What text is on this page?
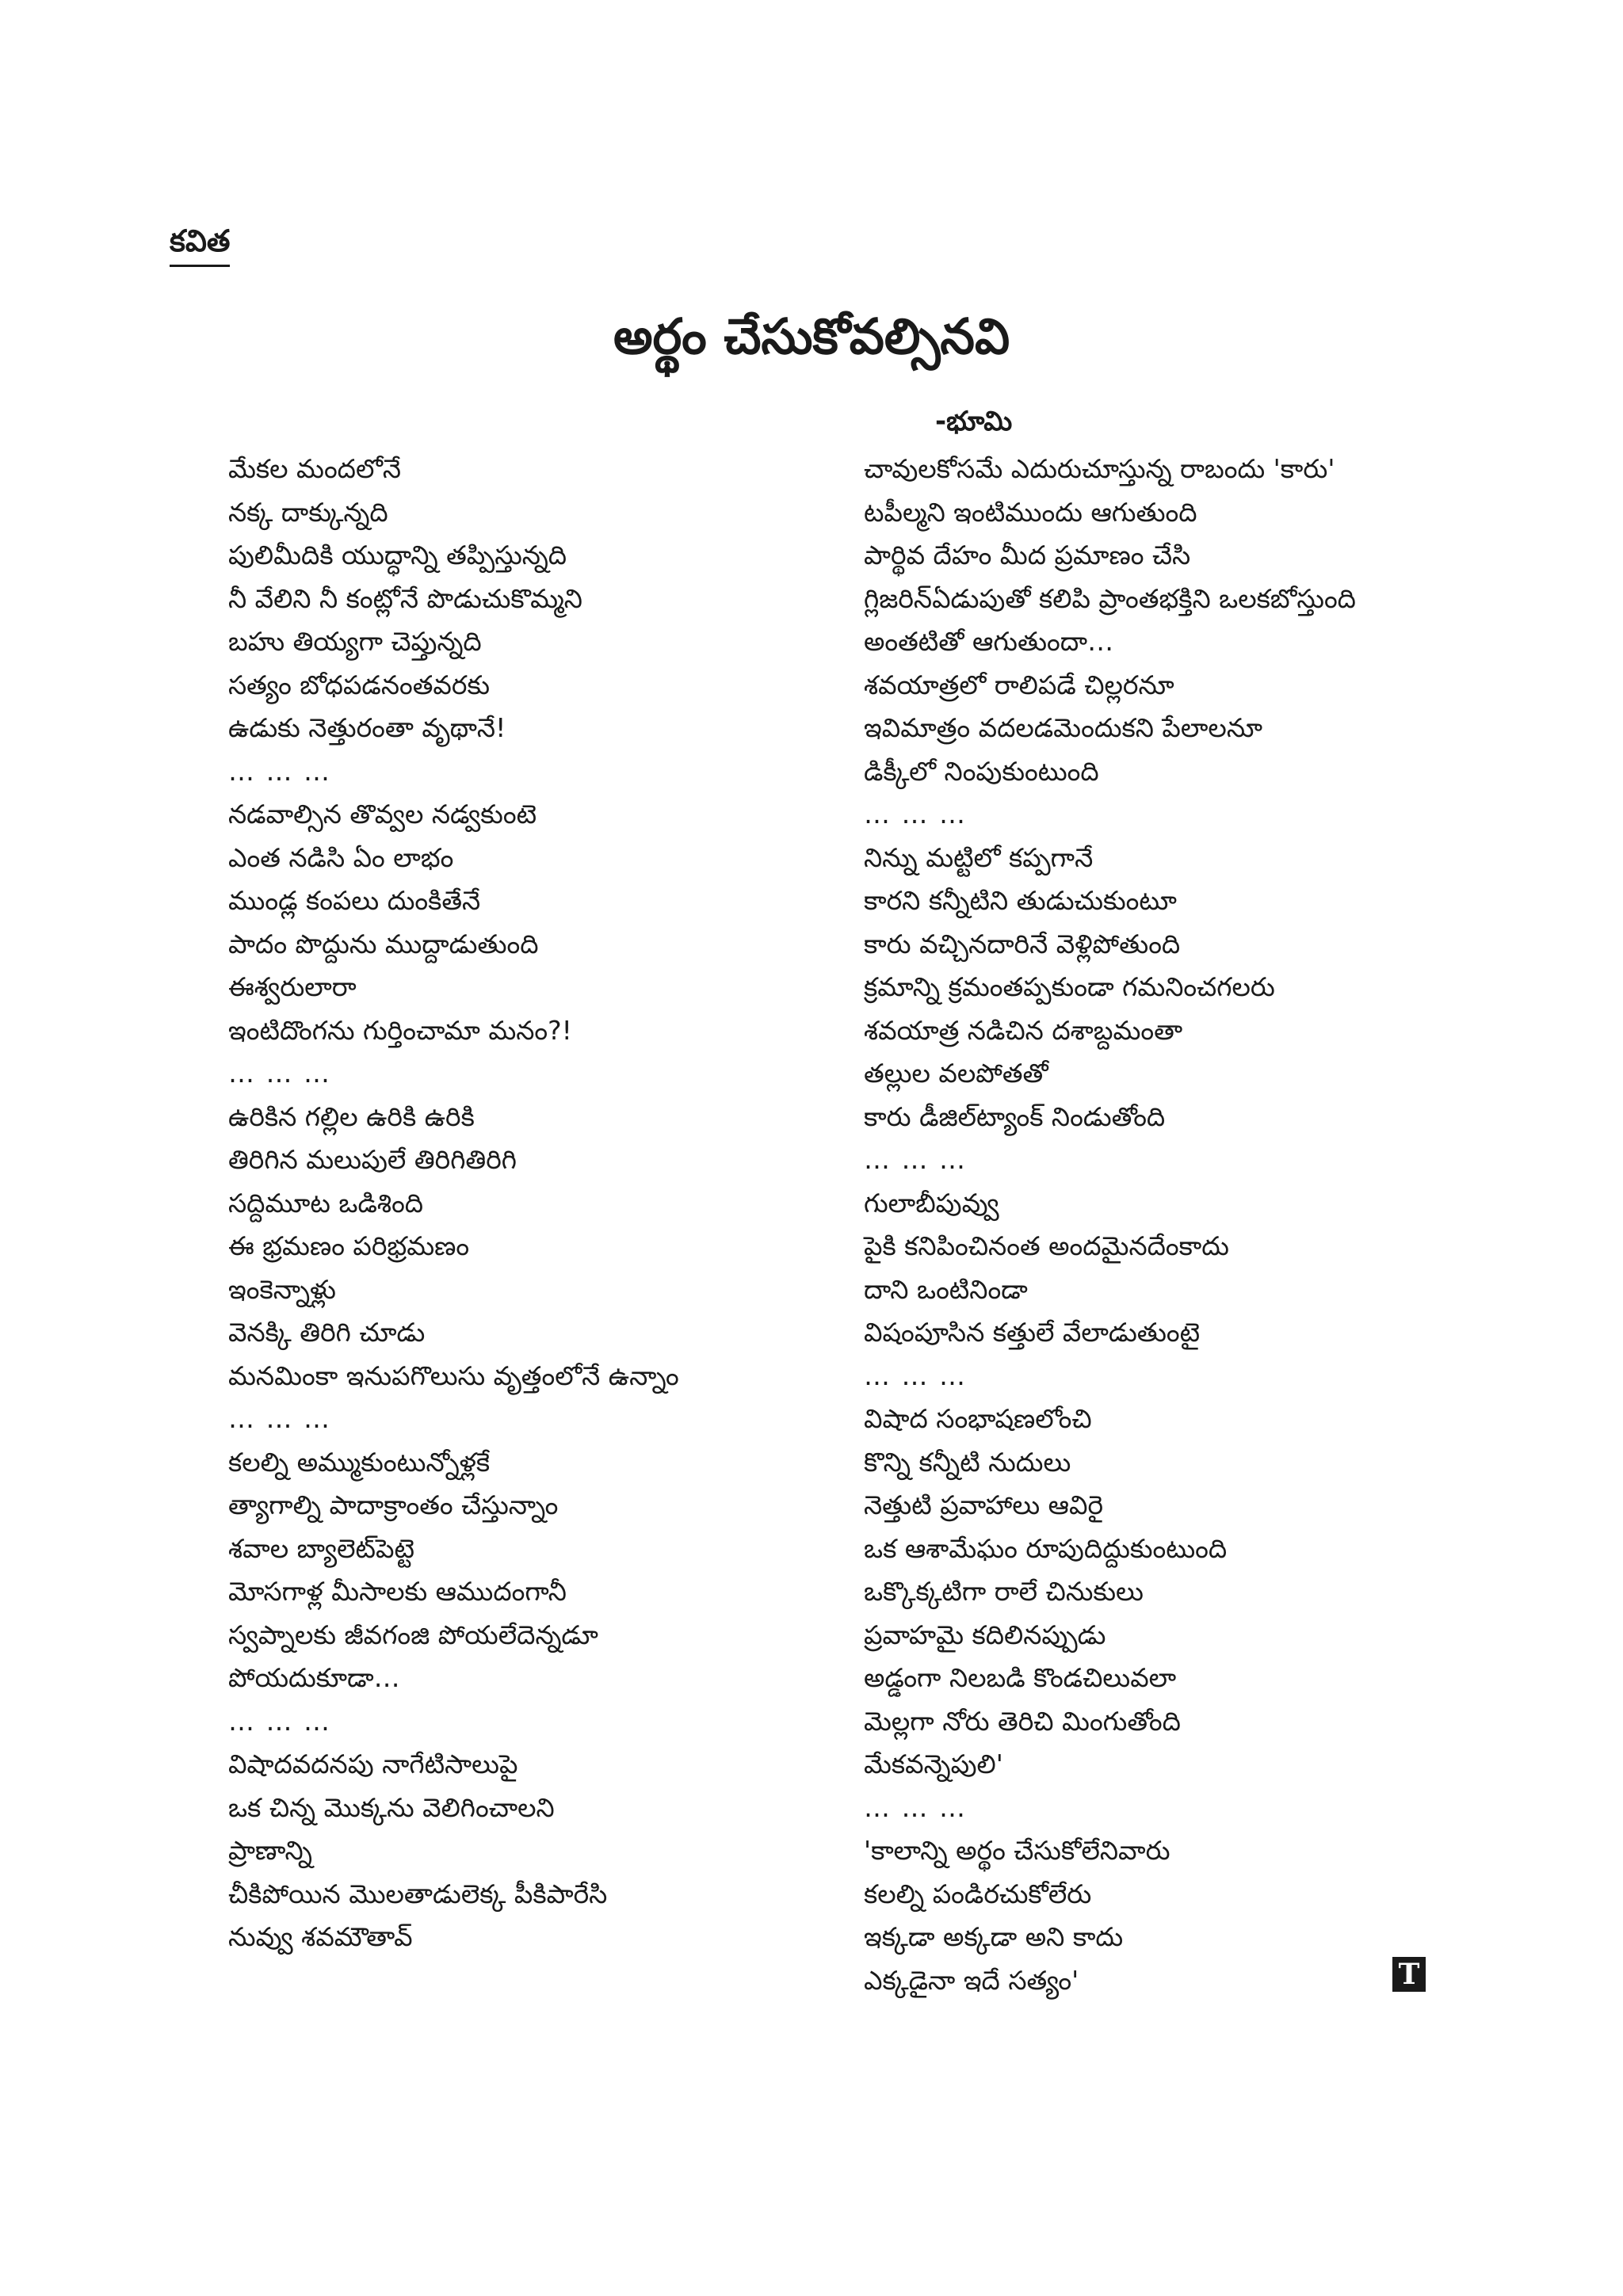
కవిత
అర్థం చేసుకోవల్సినవి
-భూమి
మేకల మందలోనే
నక్క దాక్కున్నది
పులిమీదికి యుద్ధాన్ని తప్పిస్తున్నది
నీ వేలిని నీ కంట్లోనే పొడుచుకొమ్మని
బహు తియ్యగా చెప్తున్నది
సత్యం బోధపడనంతవరకు
ఉడుకు నెత్తురంతా వృథానే!
… … …
నడవాల్సిన తొవ్వల నడ్వకుంటె
ఎంత నడిసి ఏం లాభం
ముండ్ల కంపలు దుంకితేనే
పాదం పొద్దును ముద్దాడుతుంది
ఈశ్వరులారా
ఇంటిదొంగను గుర్తించామా మనం?!
… … …
ఉరికిన గల్లిల ఉరికి ఉరికి
తిరిగిన మలుపులే తిరిగితిరిగి
సద్దిమూట ఒడిశింది
ఈ భ్రమణం పరిభ్రమణం
ఇంకెన్నాళ్లు
వెనక్కి తిరిగి చూడు
మనమింకా ఇనుపగొలుసు వృత్తంలోనే ఉన్నాం
… … …
కలల్ని అమ్ముకుంటున్నోళ్లకే
త్యాగాల్ని పాదాక్రాంతం చేస్తున్నాం
శవాల బ్యాలెట్‌పెట్టె
మోసగాళ్ల మీసాలకు ఆముదంగానీ
స్వప్నాలకు జీవగంజి పోయలేదెన్నడూ
పోయదుకూడా…
… … …
విషాదవదనపు నాగేటిసాలుపై
ఒక చిన్న మొక్కను వెలిగించాలని
ప్రాణాన్ని
చీకిపోయిన మొలతాడులెక్క పీకిపారేసి
నువ్వు శవమౌతావ్
చావులకోసమే ఎదురుచూస్తున్న రాబందు 'కారు'
టపీల్మని ఇంటిముందు ఆగుతుంది
పార్థివ దేహం మీద ప్రమాణం చేసి
గ్లిజరిన్‌ఏడుపుతో కలిపి ప్రాంతభక్తిని ఒలకబోస్తుంది
అంతటితో ఆగుతుందా…
శవయాత్రలో రాలిపడే చిల్లరనూ
ఇవిమాత్రం వదలడమెందుకని పేలాలనూ
డిక్కీలో నింపుకుంటుంది
… … …
నిన్ను మట్టిలో కప్పగానే
కారని కన్నీటిని తుడుచుకుంటూ
కారు వచ్చినదారినే వెళ్లిపోతుంది
క్రమాన్ని క్రమంతప్పకుండా గమనించగలరు
శవయాత్ర నడిచిన దశాబ్దమంతా
తల్లుల వలపోతతో
కారు డీజిల్‌ట్యాంక్ నిండుతోంది
… … …
గులాబీపువ్వు
పైకి కనిపించినంత అందమైనదేంకాదు
దాని ఒంటినిండా
విషంపూసిన కత్తులే వేలాడుతుంటై
… … …
విషాద సంభాషణలోంచి
కొన్ని కన్నీటి నుదులు
నెత్తుటి ప్రవాహాలు ఆవిరై
ఒక ఆశామేఘం రూపుదిద్దుకుంటుంది
ఒక్కొక్కటిగా రాలే చినుకులు
ప్రవాహమై కదిలినప్పుడు
అడ్డంగా నిలబడి కొండచిలువలా
మెల్లగా నోరు తెరిచి మింగుతోంది
మేకవన్నెపులి'
… … …
'కాలాన్ని అర్థం చేసుకోలేనివారు
కలల్ని పండిరచుకోలేరు
ఇక్కడా అక్కడా అని కాదు
ఎక్కడైనా ఇదే సత్యం'	T
